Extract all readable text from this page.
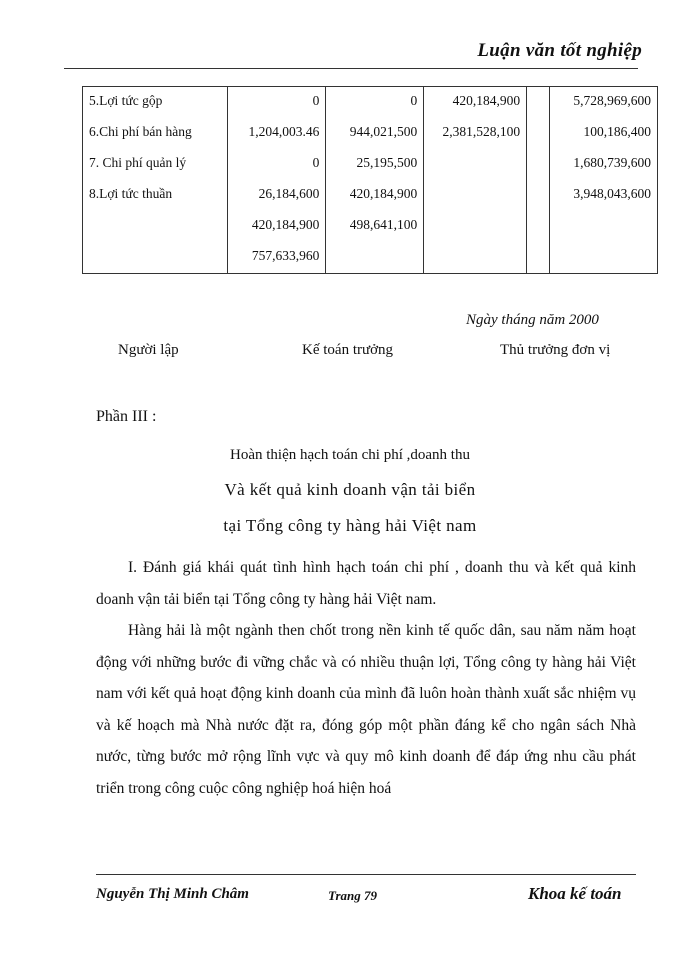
Luận văn tốt nghiệp
5.Lợi tức gộp	0	0	420,184,900		5,728,969,600
6.Chi phí bán hàng	1,204,003.46	944,021,500	2,381,528,100		100,186,400
7. Chi phí quản lý	0	25,195,500			1,680,739,600
8.Lợi tức thuần	26,184,600	420,184,900			3,948,043,600
	420,184,900	498,641,100			
	757,633,960				
Ngày tháng năm 2000
Người lập	Kế toán trưởng	Thủ trưởng đơn vị
Phần III :
Hoàn thiện hạch toán chi phí ,doanh thu
Và kết quả kinh doanh vận tải biển
tại Tổng công ty hàng hải Việt nam

I. Đánh giá khái quát tình hình hạch toán chi phí , doanh thu và kết quả kinh doanh vận tải biển tại Tổng công ty hàng hải Việt nam.

Hàng hải là một ngành then chốt trong nền kinh tế quốc dân, sau năm năm hoạt động với những bước đi vững chắc và có nhiều thuận lợi, Tổng công ty hàng hải Việt nam với kết quả hoạt động kinh doanh của mình đã luôn hoàn thành xuất sắc nhiệm vụ và kế hoạch mà Nhà nước đặt ra, đóng góp một phần đáng kể cho ngân sách Nhà nước, từng bước mở rộng lĩnh vực và quy mô kinh doanh để đáp ứng nhu cầu phát triển trong công cuộc công nghiệp hoá hiện hoá

Nguyễn Thị Minh Châm	Trang 79	Khoa kế toán
